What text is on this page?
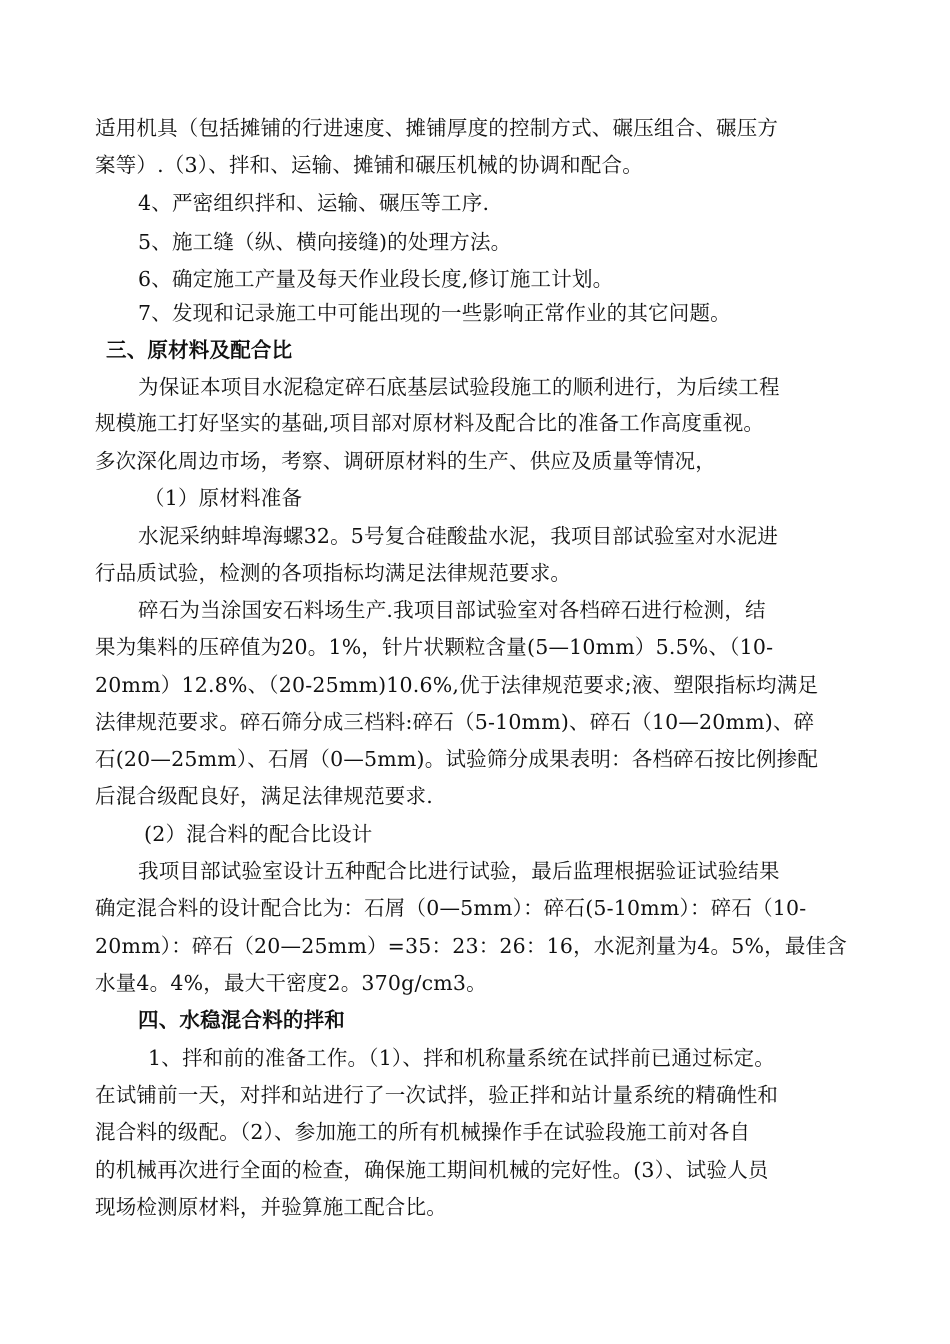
适用机具（包括摊铺的行进速度、摊铺厚度的控制方式、碾压组合、碾压方
案等）.（3）、拌和、运输、摊铺和碾压机械的协调和配合。
4、严密组织拌和、运输、碾压等工序.
5、施工缝（纵、横向接缝)的处理方法。
6、确定施工产量及每天作业段长度,修订施工计划。
7、发现和记录施工中可能出现的一些影响正常作业的其它问题。
三、原材料及配合比
为保证本项目水泥稳定碎石底基层试验段施工的顺利进行，为后续工程
规模施工打好坚实的基础,项目部对原材料及配合比的准备工作高度重视。
多次深化周边市场，考察、调研原材料的生产、供应及质量等情况，
（1）原材料准备
水泥采纳蚌埠海螺32。5号复合硅酸盐水泥，我项目部试验室对水泥进
行品质试验，检测的各项指标均满足法律规范要求。
碎石为当涂国安石料场生产.我项目部试验室对各档碎石进行检测，结
果为集料的压碎值为20。1%，针片状颗粒含量(5—10mm）5.5%、（10-
20mm）12.8%、（20-25mm)10.6%,优于法律规范要求;液、塑限指标均满足
法律规范要求。碎石筛分成三档料:碎石（5-10mm)、碎石（10—20mm)、碎
石(20—25mm）、石屑（0—5mm)。试验筛分成果表明：各档碎石按比例掺配
后混合级配良好，满足法律规范要求.
(2）混合料的配合比设计
我项目部试验室设计五种配合比进行试验，最后监理根据验证试验结果
确定混合料的设计配合比为：石屑（0—5mm）：碎石(5-10mm）：碎石（10-
20mm）：碎石（20—25mm）=35：23：26：16，水泥剂量为4。5%，最佳含
水量4。4%，最大干密度2。370g/cm3。
四、水稳混合料的拌和
1、拌和前的准备工作。（1）、拌和机称量系统在试拌前已通过标定。
在试铺前一天，对拌和站进行了一次试拌，验正拌和站计量系统的精确性和
混合料的级配。（2）、参加施工的所有机械操作手在试验段施工前对各自
的机械再次进行全面的检查，确保施工期间机械的完好性。(3）、试验人员
现场检测原材料，并验算施工配合比。
